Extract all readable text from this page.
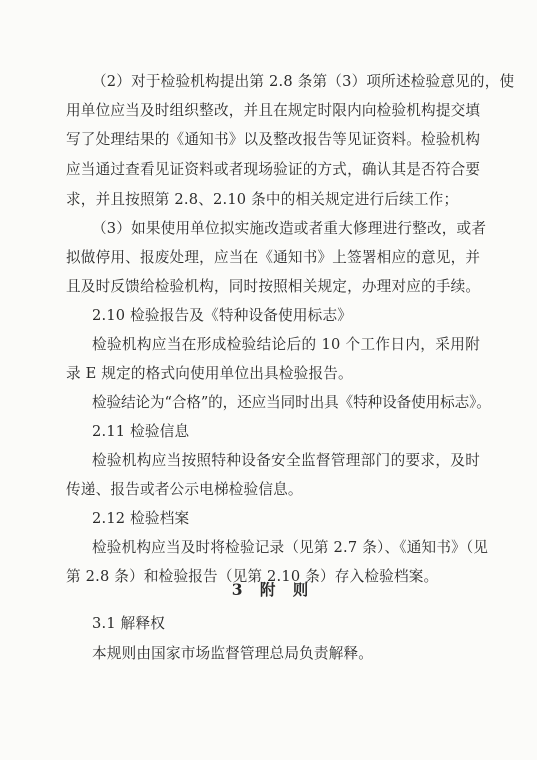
（2）对于检验机构提出第 2.8 条第（3）项所述检验意见的，使
用单位应当及时组织整改，并且在规定时限内向检验机构提交填
写了处理结果的《通知书》以及整改报告等见证资料。检验机构
应当通过查看见证资料或者现场验证的方式，确认其是否符合要
求，并且按照第 2.8、2.10 条中的相关规定进行后续工作；
（3）如果使用单位拟实施改造或者重大修理进行整改，或者
拟做停用、报废处理，应当在《通知书》上签署相应的意见，并
且及时反馈给检验机构，同时按照相关规定，办理对应的手续。
2.10 检验报告及《特种设备使用标志》
检验机构应当在形成检验结论后的 10 个工作日内，采用附
录 E 规定的格式向使用单位出具检验报告。
检验结论为“合格”的，还应当同时出具《特种设备使用标志》。
2.11 检验信息
检验机构应当按照特种设备安全监督管理部门的要求，及时
传递、报告或者公示电梯检验信息。
2.12 检验档案
检验机构应当及时将检验记录（见第 2.7 条）、《通知书》（见
第 2.8 条）和检验报告（见第 2.10 条）存入检验档案。
3 附 则
3.1 解释权
本规则由国家市场监督管理总局负责解释。
